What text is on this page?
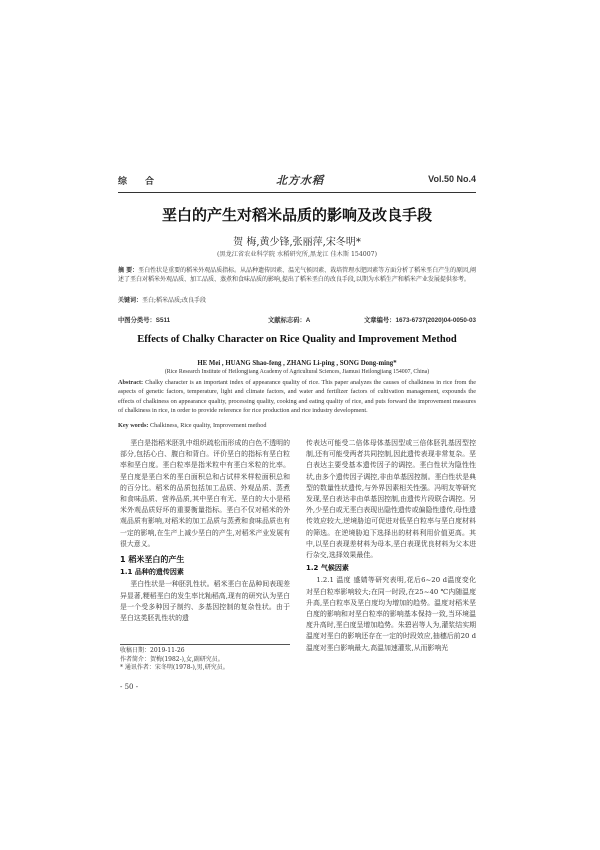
综合	北方水稻	Vol.50 No.4
垩白的产生对稻米品质的影响及改良手段
贺 梅,黄少锋,张丽萍,宋冬明*
(黑龙江省农业科学院 水稻研究所,黑龙江 佳木斯 154007)
摘 要：垩白性状是重要的稻米外观品质指标。从品种遗传因素、温光气候因素、栽培管理水肥因素等方面分析了稻米垩白产生的原因,阐述了垩白对稻米外观品质、加工品质、蒸煮和食味品质的影响,提出了稻米垩白的改良手段,以期为水稻生产和稻米产业发展提供参考。
关键词：垩白;稻米品质;改良手段
中图分类号：S511	文献标志码：A	文章编号：1673-6737(2020)04-0050-03
Effects of Chalky Character on Rice Quality and Improvement Method
HE Mei , HUANG Shao-feng , ZHANG Li-ping , SONG Dong-ming*
(Rice Research Institute of Heilongjiang Academy of Agricultural Sciences, Jiamusi Heilongjiang 154007, China)
Abstract: Chalky character is an important index of appearance quality of rice. This paper analyzes the causes of chalkiness in rice from the aspects of genetic factors, temperature, light and climate factors, and water and fertilizer factors of cultivation management, expounds the effects of chalkiness on appearance quality, processing quality, cooking and eating quality of rice, and puts forward the improvement measures of chalkiness in rice, in order to provide reference for rice production and rice industry development.
Key words: Chalkiness, Rice quality, Improvement method

垩白是指稻米胚乳中组织疏松而形成的白色不透明的部分,包括心白、腹白和背白。评价垩白的指标有垩白粒率和垩白度。垩白粒率是指米粒中有垩白米粒的比率。垩白度是垩白米的垩白面积总和占试样米样粒面积总和的百分比。稻米的品质包括加工品质、外观品质、蒸煮和食味品质、营养品质,其中垩白有无、垩白的大小是稻米外观品质好坏的重要衡量指标。垩白不仅对稻米的外观品质有影响,对稻米的加工品质与蒸煮和食味品质也有一定的影响,在生产上减少垩白的产生,对稻米产业发展有很大意义。

1 稻米垩白的产生
1.1 品种的遗传因素

垩白性状是一种胚乳性状。稻米垩白在品种间表现差异显著,粳稻垩白的发生率比籼稻高,现有的研究认为垩白是一个受多种因子制约、多基因控制的复杂性状。由于垩白这类胚乳性状的遗

传表达可能受二倍体母体基因型或三倍体胚乳基因型控制,还有可能受两者共同控制,因此遗传表现非常复杂。垩白表达主要受基本遗传因子的调控。垩白性状为隐性性状,由多个遗传因子调控,非由单基因控制。垩白性状是典型的数量性状遗传,与外界因素相关性强。冯明友等研究发现,垩白表达非由单基因控制,由遗传片段联合调控。另外,少垩白或无垩白表现出隐性遗传或偏隐性遗传,母性遗传效应较大,逆境胁迫可促进对低垩白粒率与垩白度材料的筛选。在逆境胁迫下选择出的材料利用价值更高。其中,以垩白表现差材料为母本,垩白表现优良材料为父本进行杂交,选择效果最佳。

1.2 气候因素

1.2.1 温度 盛婧等研究表明,花后6~20 d温度变化对垩白粒率影响较大;在同一时段,在25~40 ℃内随温度升高,垩白粒率及垩白度均为增加的趋势。温度对稻米垩白度的影响和对垩白粒率的影响基本保持一致,当环境温度升高时,垩白度呈增加趋势。朱碧岩等人为,灌浆结实期温度对垩白的影响还存在一定的时段效应,抽穗后前20 d温度对垩白影响最大,高温加速灌浆,从而影响光

收稿日期：2019-11-26
作者简介：贺梅(1982-),女,副研究员。
* 通讯作者：宋冬明(1978-),男,研究员。
- 50 -
